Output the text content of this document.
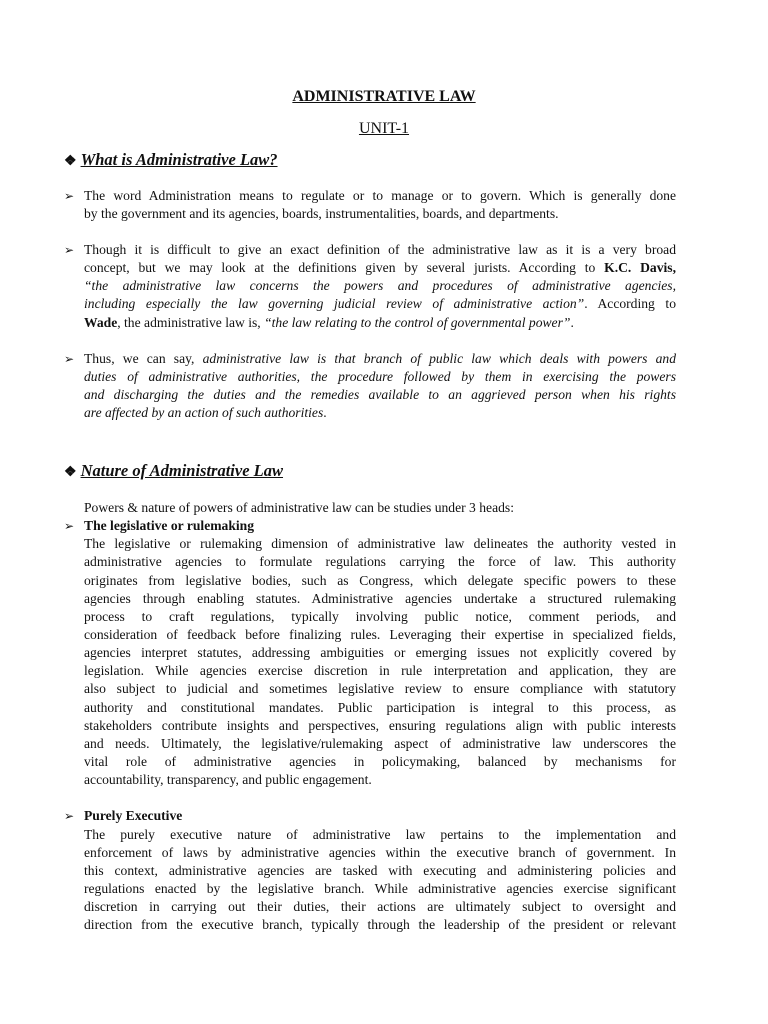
ADMINISTRATIVE LAW
UNIT-1
❖ What is Administrative Law?
➢ The word Administration means to regulate or to manage or to govern. Which is generally done
by the government and its agencies, boards, instrumentalities, boards, and departments.
➢ Though it is difficult to give an exact definition of the administrative law as it is a very broad
concept, but we may look at the definitions given by several jurists. According to K.C. Davis,
“the administrative law concerns the powers and procedures of administrative agencies,
including especially the law governing judicial review of administrative action”. According to
Wade, the administrative law is, “the law relating to the control of governmental power”.
➢ Thus, we can say, administrative law is that branch of public law which deals with powers and
duties of administrative authorities, the procedure followed by them in exercising the powers
and discharging the duties and the remedies available to an aggrieved person when his rights
are affected by an action of such authorities.
❖ Nature of Administrative Law
Powers & nature of powers of administrative law can be studies under 3 heads:
➢ The legislative or rulemaking
The legislative or rulemaking dimension of administrative law delineates the authority vested in
administrative agencies to formulate regulations carrying the force of law. This authority
originates from legislative bodies, such as Congress, which delegate specific powers to these
agencies through enabling statutes. Administrative agencies undertake a structured rulemaking
process to craft regulations, typically involving public notice, comment periods, and
consideration of feedback before finalizing rules. Leveraging their expertise in specialized fields,
agencies interpret statutes, addressing ambiguities or emerging issues not explicitly covered by
legislation. While agencies exercise discretion in rule interpretation and application, they are
also subject to judicial and sometimes legislative review to ensure compliance with statutory
authority and constitutional mandates. Public participation is integral to this process, as
stakeholders contribute insights and perspectives, ensuring regulations align with public interests
and needs. Ultimately, the legislative/rulemaking aspect of administrative law underscores the
vital role of administrative agencies in policymaking, balanced by mechanisms for
accountability, transparency, and public engagement.
➢ Purely Executive
The purely executive nature of administrative law pertains to the implementation and
enforcement of laws by administrative agencies within the executive branch of government. In
this context, administrative agencies are tasked with executing and administering policies and
regulations enacted by the legislative branch. While administrative agencies exercise significant
discretion in carrying out their duties, their actions are ultimately subject to oversight and
direction from the executive branch, typically through the leadership of the president or relevant
